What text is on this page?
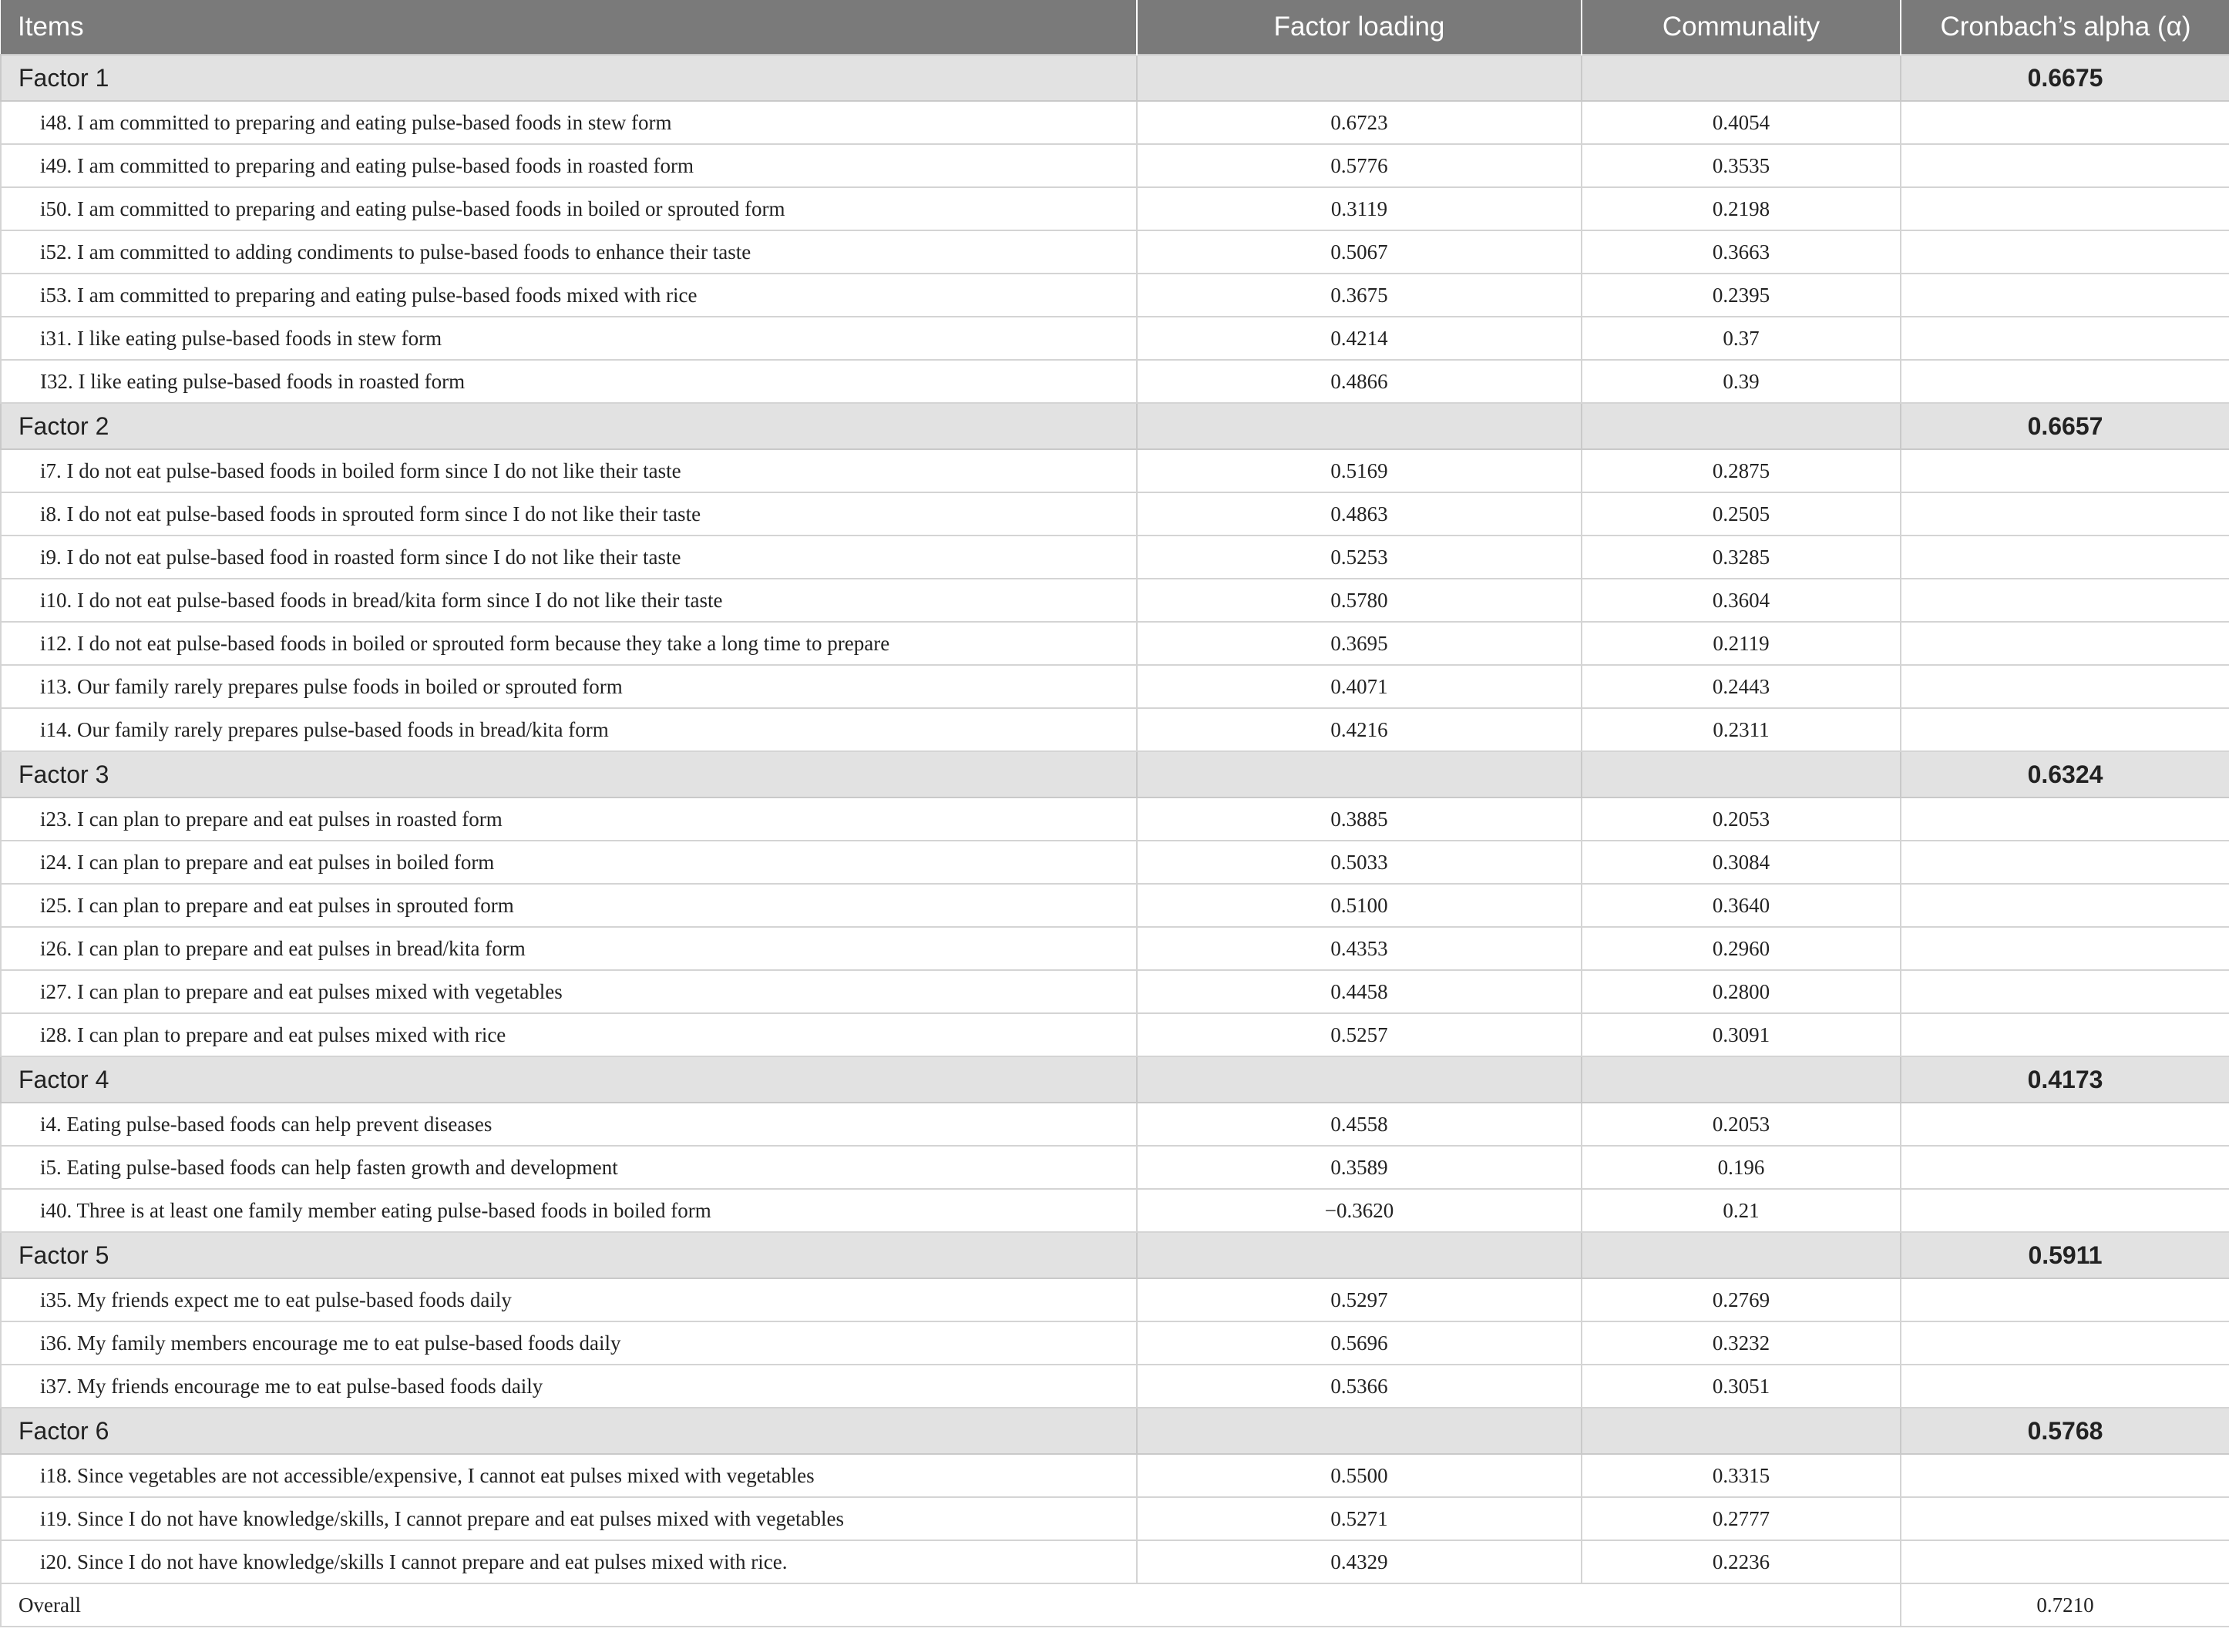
Items	Factor loading	Communality	Cronbach’s alpha (α)
Factor 1			0.6675
i48. I am committed to preparing and eating pulse-based foods in stew form	0.6723	0.4054	
i49. I am committed to preparing and eating pulse-based foods in roasted form	0.5776	0.3535	
i50. I am committed to preparing and eating pulse-based foods in boiled or sprouted form	0.3119	0.2198	
i52. I am committed to adding condiments to pulse-based foods to enhance their taste	0.5067	0.3663	
i53. I am committed to preparing and eating pulse-based foods mixed with rice	0.3675	0.2395	
i31. I like eating pulse-based foods in stew form	0.4214	0.37	
I32. I like eating pulse-based foods in roasted form	0.4866	0.39	
Factor 2			0.6657
i7. I do not eat pulse-based foods in boiled form since I do not like their taste	0.5169	0.2875	
i8. I do not eat pulse-based foods in sprouted form since I do not like their taste	0.4863	0.2505	
i9. I do not eat pulse-based food in roasted form since I do not like their taste	0.5253	0.3285	
i10. I do not eat pulse-based foods in bread/kita form since I do not like their taste	0.5780	0.3604	
i12. I do not eat pulse-based foods in boiled or sprouted form because they take a long time to prepare	0.3695	0.2119	
i13. Our family rarely prepares pulse foods in boiled or sprouted form	0.4071	0.2443	
i14. Our family rarely prepares pulse-based foods in bread/kita form	0.4216	0.2311	
Factor 3			0.6324
i23. I can plan to prepare and eat pulses in roasted form	0.3885	0.2053	
i24. I can plan to prepare and eat pulses in boiled form	0.5033	0.3084	
i25. I can plan to prepare and eat pulses in sprouted form	0.5100	0.3640	
i26. I can plan to prepare and eat pulses in bread/kita form	0.4353	0.2960	
i27. I can plan to prepare and eat pulses mixed with vegetables	0.4458	0.2800	
i28. I can plan to prepare and eat pulses mixed with rice	0.5257	0.3091	
Factor 4			0.4173
i4. Eating pulse-based foods can help prevent diseases	0.4558	0.2053	
i5. Eating pulse-based foods can help fasten growth and development	0.3589	0.196	
i40. Three is at least one family member eating pulse-based foods in boiled form	−0.3620	0.21	
Factor 5			0.5911
i35. My friends expect me to eat pulse-based foods daily	0.5297	0.2769	
i36. My family members encourage me to eat pulse-based foods daily	0.5696	0.3232	
i37. My friends encourage me to eat pulse-based foods daily	0.5366	0.3051	
Factor 6			0.5768
i18. Since vegetables are not accessible/expensive, I cannot eat pulses mixed with vegetables	0.5500	0.3315	
i19. Since I do not have knowledge/skills, I cannot prepare and eat pulses mixed with vegetables	0.5271	0.2777	
i20. Since I do not have knowledge/skills I cannot prepare and eat pulses mixed with rice.	0.4329	0.2236	
Overall			0.7210
